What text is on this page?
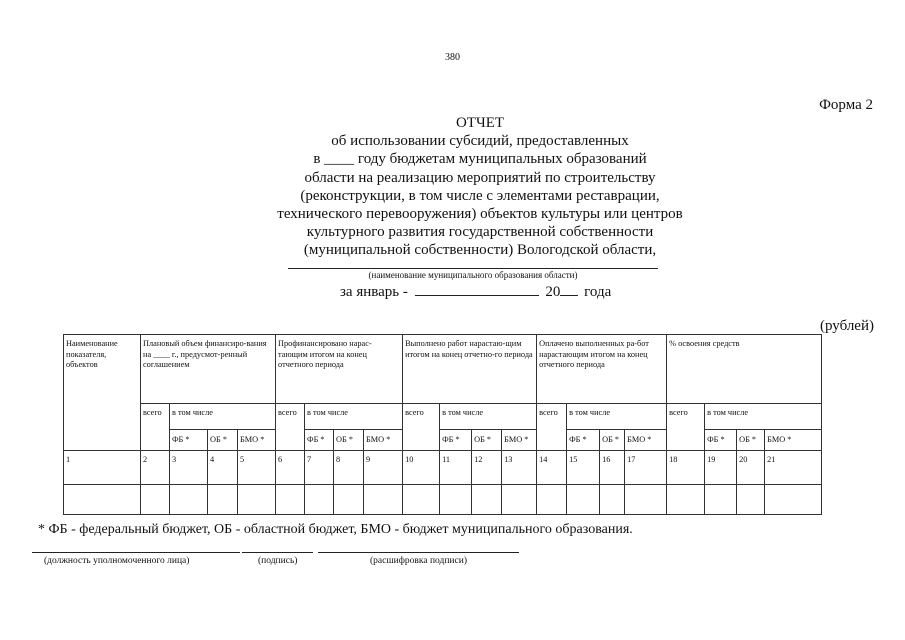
380
Форма 2
ОТЧЕТ
об использовании субсидий, предоставленных
в ____ году бюджетам муниципальных образований
области на реализацию мероприятий по строительству
(реконструкции, в том числе с элементами реставрации,
технического перевооружения) объектов культуры или центров
культурного развития государственной собственности
(муниципальной собственности) Вологодской области,
(наименование муниципального образования области)
за январь -	20 года
(рублей)
Наименование показателя, объектов	Плановый объем финансиро-вания на ____ г., предусмот-ренный соглашением				Профинансировано нарас-тающим итогом на конец отчетного периода				Выполнено работ нарастаю-щим итогом на конец отчетно-го периода				Оплачено выполненных ра-бот нарастающим итогом на конец отчетного периода				% освоения средств			
	всего	в том числе			всего	в том числе			всего	в том числе			всего	в том числе			всего	в том числе		
		ФБ *	ОБ *	БМО *		ФБ *	ОБ *	БМО *		ФБ *	ОБ *	БМО *		ФБ *	ОБ *	БМО *		ФБ *	ОБ *	БМО *
1	2	3	4	5	6	7	8	9	10	11	12	13	14	15	16	17	18	19	20	21

* ФБ - федеральный бюджет, ОБ - областной бюджет, БМО - бюджет муниципального образования.
(должность уполномоченного лица)	(подпись)	(расшифровка подписи)
